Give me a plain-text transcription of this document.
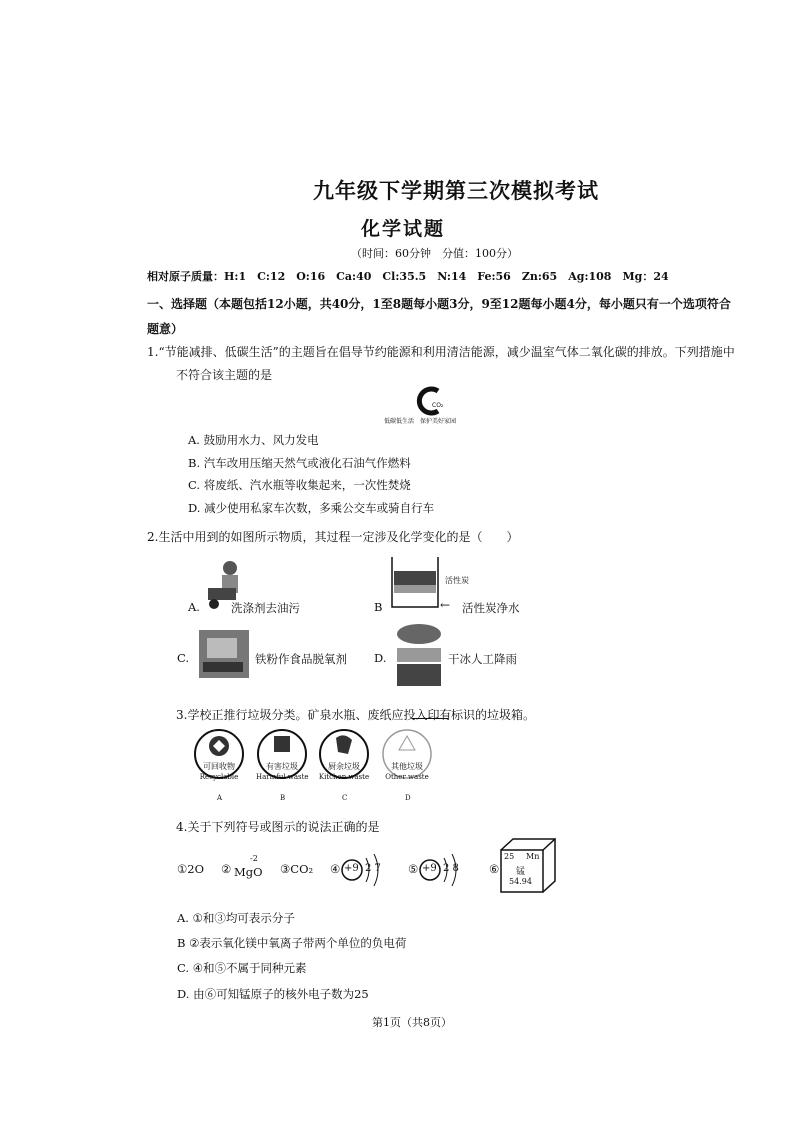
九年级下学期第三次模拟考试
化学试题
（时间：60分钟　分值：100分）
相对原子质量：H:1　C:12　O:16　Ca:40　Cl:35.5　N:14　Fe:56　Zn:65　Ag:108　Mg：24
一、选择题（本题包括12小题，共40分，1至8题每小题3分，9至12题每小题4分，每小题只有一个选项符合
题意）
1.“节能减排、低碳生活”的主题旨在倡导节约能源和利用清洁能源，减少温室气体二氧化碳的排放。下列措施中
不符合该主题的是
CO₂
低碳低生活　保护美好家园
A. 鼓励用水力、风力发电
B. 汽车改用压缩天然气或液化石油气作燃料
C. 将废纸、汽水瓶等收集起来，一次性焚烧
D. 减少使用私家车次数，多乘公交车或骑自行车
2.生活中用到的如图所示物质，其过程一定涉及化学变化的是（　　）
A.	洗涤剂去油污
活性炭
B	← 活性炭净水
C.	铁粉作食品脱氧剂 D.	干冰人工降雨
3.学校正推行垃圾分类。矿泉水瓶、废纸应投入印有 标识的垃圾箱。
可回收物
Recyclable
A
有害垃圾
Harmful waste
B
厨余垃圾
Kitchen waste
C
其他垃圾
Other waste
D
4.关于下列符号或图示的说法正确的是
①2O ②
-2
MgO ③CO₂ ④ +9 2 7 ⑤ +9 2 8	⑥
25 Mn
锰
54.94
A. ①和③均可表示分子
B ②表示氧化镁中氧离子带两个单位的负电荷
C. ④和⑤不属于同种元素
D. 由⑥可知锰原子的核外电子数为25
第1页（共8页）
